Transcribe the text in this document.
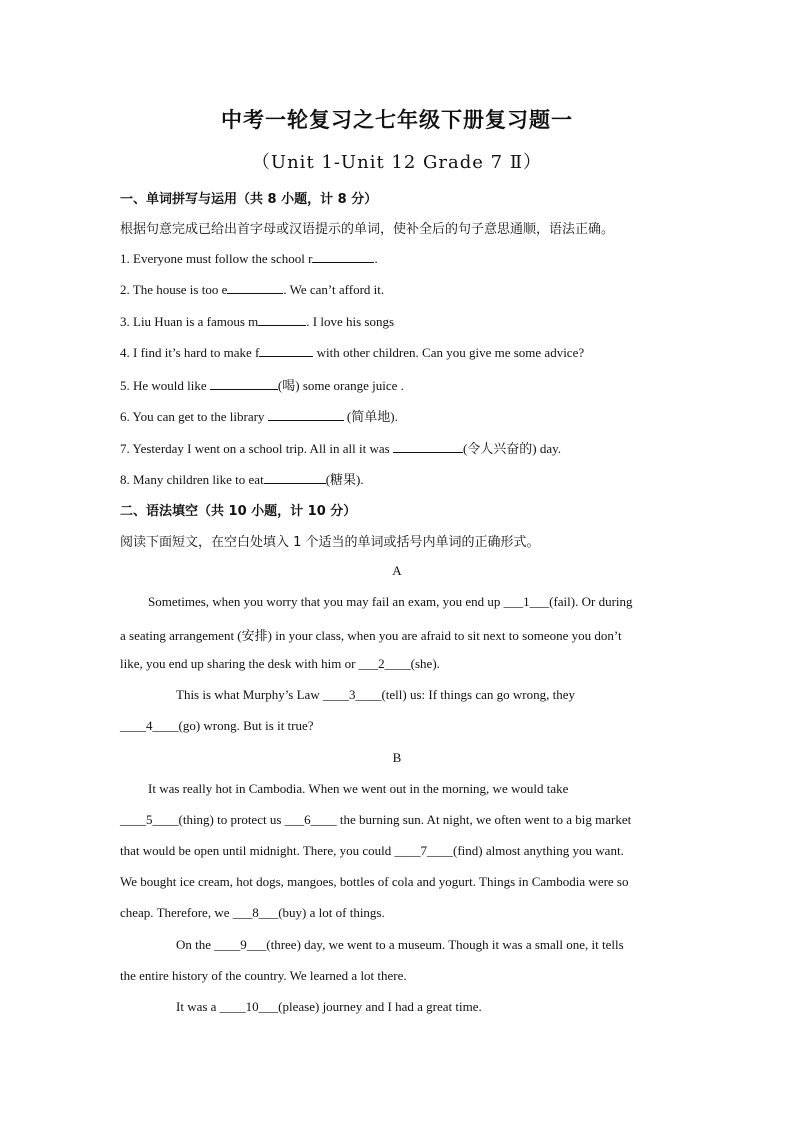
中考一轮复习之七年级下册复习题一
（Unit 1-Unit 12 Grade 7 Ⅱ）
一、单词拼写与运用（共 8 小题，计 8 分）
根据句意完成已给出首字母或汉语提示的单词，使补全后的句子意思通顺，语法正确。
1. Everyone must follow the school r	.
2. The house is too e	. We can’t afford it.
3. Liu Huan is a famous m	. I love his songs
4. I find it’s hard to make f	with other children. Can you give me some advice?
5. He would like	(喝) some orange juice .
6. You can get to the library	(简单地).
7. Yesterday I went on a school trip. All in all it was	(令人兴奋的) day.
8. Many children like to eat	(糖果).
二、语法填空（共 10 小题，计 10 分）
阅读下面短文，在空白处填入 1 个适当的单词或括号内单词的正确形式。
A
Sometimes, when you worry that you may fail an exam, you end up ___1___(fail). Or during
a seating arrangement (安排) in your class, when you are afraid to sit next to someone you don’t
like, you end up sharing the desk with him or ___2____(she).
This is what Murphy’s Law ____3____(tell) us: If things can go wrong, they
____4____(go) wrong. But is it true?
B
It was really hot in Cambodia. When we went out in the morning, we would take
____5____(thing) to protect us ___6____ the burning sun. At night, we often went to a big market
that would be open until midnight. There, you could ____7____(find) almost anything you want.
We bought ice cream, hot dogs, mangoes, bottles of cola and yogurt. Things in Cambodia were so
cheap. Therefore, we ___8___(buy) a lot of things.
On the ____9___(three) day, we went to a museum. Though it was a small one, it tells
the entire history of the country. We learned a lot there.
It was a ____10___(please) journey and I had a great time.
